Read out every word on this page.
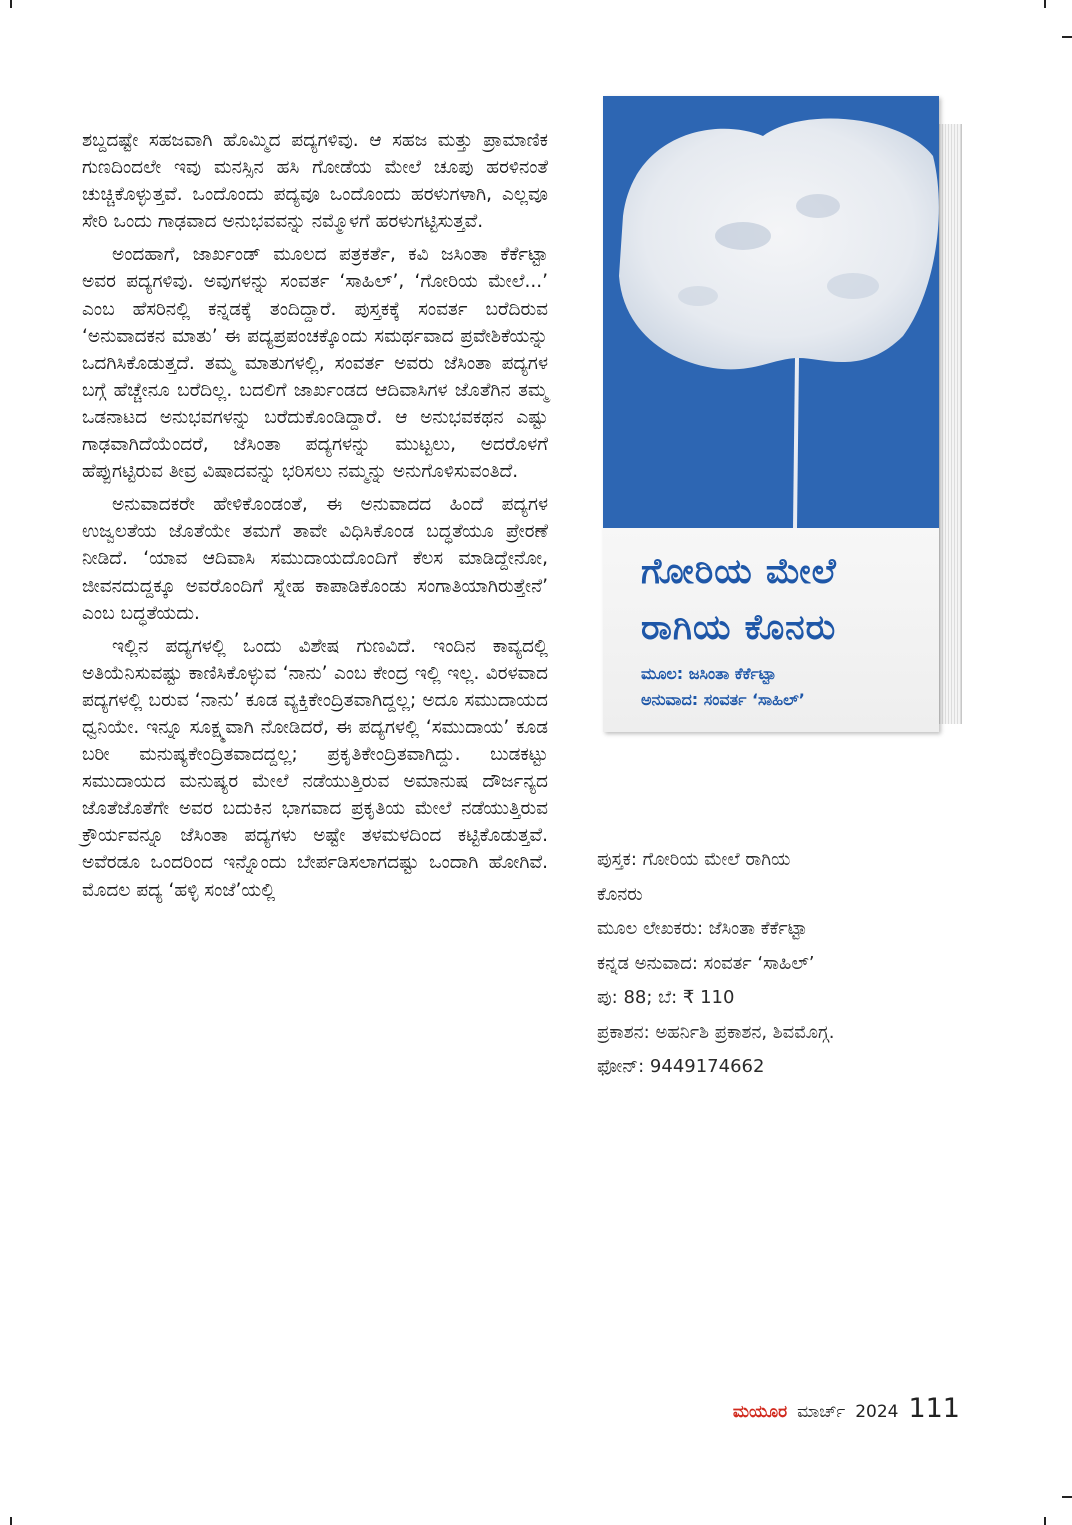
ಶಬ್ದದಷ್ಟೇ ಸಹಜವಾಗಿ ಹೊಮ್ಮಿದ ಪದ್ಯಗಳಿವು. ಆ ಸಹಜ ಮತ್ತು ಪ್ರಾಮಾಣಿಕ ಗುಣದಿಂದಲೇ ಇವು ಮನಸ್ಸಿನ ಹಸಿ ಗೋಡೆಯ ಮೇಲೆ ಚೂಪು ಹರಳಿನಂತೆ ಚುಚ್ಚಿಕೊಳ್ಳುತ್ತವೆ. ಒಂದೊಂದು ಪದ್ಯವೂ ಒಂದೊಂದು ಹರಳುಗಳಾಗಿ, ಎಲ್ಲವೂ ಸೇರಿ ಒಂದು ಗಾಢವಾದ ಅನುಭವವನ್ನು ನಮ್ಮೊಳಗೆ ಹರಳುಗಟ್ಟಿಸುತ್ತವೆ.

ಅಂದಹಾಗೆ, ಜಾರ್ಖಂಡ್ ಮೂಲದ ಪತ್ರಕರ್ತೆ, ಕವಿ ಜಸಿಂತಾ ಕೆರ್ಕೆಟ್ಟಾ ಅವರ ಪದ್ಯಗಳಿವು. ಅವುಗಳನ್ನು ಸಂವರ್ತ ‘ಸಾಹಿಲ್’, ‘ಗೋರಿಯ ಮೇಲೆ...’ ಎಂಬ ಹೆಸರಿನಲ್ಲಿ ಕನ್ನಡಕ್ಕೆ ತಂದಿದ್ದಾರೆ. ಪುಸ್ತಕಕ್ಕೆ ಸಂವರ್ತ ಬರೆದಿರುವ ‘ಅನುವಾದಕನ ಮಾತು’ ಈ ಪದ್ಯಪ್ರಪಂಚಕ್ಕೊಂದು ಸಮರ್ಥವಾದ ಪ್ರವೇಶಿಕೆಯನ್ನು ಒದಗಿಸಿಕೊಡುತ್ತದೆ. ತಮ್ಮ ಮಾತುಗಳಲ್ಲಿ, ಸಂವರ್ತ ಅವರು ಜೆಸಿಂತಾ ಪದ್ಯಗಳ ಬಗ್ಗೆ ಹೆಚ್ಚೇನೂ ಬರೆದಿಲ್ಲ. ಬದಲಿಗೆ ಜಾರ್ಖಂಡದ ಆದಿವಾಸಿಗಳ ಜೊತೆಗಿನ ತಮ್ಮ ಒಡನಾಟದ ಅನುಭವಗಳನ್ನು ಬರೆದುಕೊಂಡಿದ್ದಾರೆ. ಆ ಅನುಭವಕಥನ ಎಷ್ಟು ಗಾಢವಾಗಿದೆಯೆಂದರೆ, ಜೆಸಿಂತಾ ಪದ್ಯಗಳನ್ನು ಮುಟ್ಟಲು, ಅದರೊಳಗೆ ಹೆಪ್ಪುಗಟ್ಟಿರುವ ತೀವ್ರ ವಿಷಾದವನ್ನು ಭರಿಸಲು ನಮ್ಮನ್ನು ಅನುಗೊಳಿಸುವಂತಿದೆ.

ಅನುವಾದಕರೇ ಹೇಳಿಕೊಂಡಂತೆ, ಈ ಅನುವಾದದ ಹಿಂದೆ ಪದ್ಯಗಳ ಉಜ್ವಲತೆಯ ಜೊತೆಯೇ ತಮಗೆ ತಾವೇ ವಿಧಿಸಿಕೊಂಡ ಬದ್ಧತೆಯೂ ಪ್ರೇರಣೆ ನೀಡಿದೆ. ‘ಯಾವ ಆದಿವಾಸಿ ಸಮುದಾಯದೊಂದಿಗೆ ಕೆಲಸ ಮಾಡಿದ್ದೇನೋ, ಜೀವನದುದ್ದಕ್ಕೂ ಅವರೊಂದಿಗೆ ಸ್ನೇಹ ಕಾಪಾಡಿಕೊಂಡು ಸಂಗಾತಿಯಾಗಿರುತ್ತೇನೆ’ ಎಂಬ ಬದ್ಧತೆಯದು.

ಇಲ್ಲಿನ ಪದ್ಯಗಳಲ್ಲಿ ಒಂದು ವಿಶೇಷ ಗುಣವಿದೆ. ಇಂದಿನ ಕಾವ್ಯದಲ್ಲಿ ಅತಿಯೆನಿಸುವಷ್ಟು ಕಾಣಿಸಿಕೊಳ್ಳುವ ‘ನಾನು’ ಎಂಬ ಕೇಂದ್ರ ಇಲ್ಲಿ ಇಲ್ಲ. ವಿರಳವಾದ ಪದ್ಯಗಳಲ್ಲಿ ಬರುವ ‘ನಾನು’ ಕೂಡ ವ್ಯಕ್ತಿಕೇಂದ್ರಿತವಾಗಿದ್ದಲ್ಲ; ಅದೂ ಸಮುದಾಯದ ಧ್ವನಿಯೇ. ಇನ್ನೂ ಸೂಕ್ಷ್ಮವಾಗಿ ನೋಡಿದರೆ, ಈ ಪದ್ಯಗಳಲ್ಲಿ ‘ಸಮುದಾಯ’ ಕೂಡ ಬರೀ ಮನುಷ್ಯಕೇಂದ್ರಿತವಾದದ್ದಲ್ಲ; ಪ್ರಕೃತಿಕೇಂದ್ರಿತವಾಗಿದ್ದು. ಬುಡಕಟ್ಟು ಸಮುದಾಯದ ಮನುಷ್ಯರ ಮೇಲೆ ನಡೆಯುತ್ತಿರುವ ಅಮಾನುಷ ದೌರ್ಜನ್ಯದ ಜೊತೆಜೊತೆಗೇ ಅವರ ಬದುಕಿನ ಭಾಗವಾದ ಪ್ರಕೃತಿಯ ಮೇಲೆ ನಡೆಯುತ್ತಿರುವ ಕ್ರೌರ್ಯವನ್ನೂ ಜೆಸಿಂತಾ ಪದ್ಯಗಳು ಅಷ್ಟೇ ತಳಮಳದಿಂದ ಕಟ್ಟಿಕೊಡುತ್ತವೆ. ಅವೆರಡೂ ಒಂದರಿಂದ ಇನ್ನೊಂದು ಬೇರ್ಪಡಿಸಲಾಗದಷ್ಟು ಒಂದಾಗಿ ಹೋಗಿವೆ. ಮೊದಲ ಪದ್ಯ ‘ಹಳ್ಳಿ ಸಂಜೆ’ಯಲ್ಲಿ

ಗೋರಿಯ ಮೇಲೆ
ರಾಗಿಯ ಕೊನರು
ಮೂಲ: ಜಸಿಂತಾ ಕೆರ್ಕೆಟ್ಟಾ
ಅನುವಾದ: ಸಂವರ್ತ ‘ಸಾಹಿಲ್’
ಪುಸ್ತಕ: ಗೋರಿಯ ಮೇಲೆ ರಾಗಿಯ
ಕೊನರು
ಮೂಲ ಲೇಖಕರು: ಜೆಸಿಂತಾ ಕೆರ್ಕೆಟ್ಟಾ
ಕನ್ನಡ ಅನುವಾದ: ಸಂವರ್ತ ‘ಸಾಹಿಲ್’
ಪು: 88; ಬೆ: ₹ 110
ಪ್ರಕಾಶನ: ಅಹರ್ನಿಶಿ ಪ್ರಕಾಶನ, ಶಿವಮೊಗ್ಗ.
ಫೋನ್: 9449174662
ಮಯೂರ ಮಾರ್ಚ್ 2024 111
